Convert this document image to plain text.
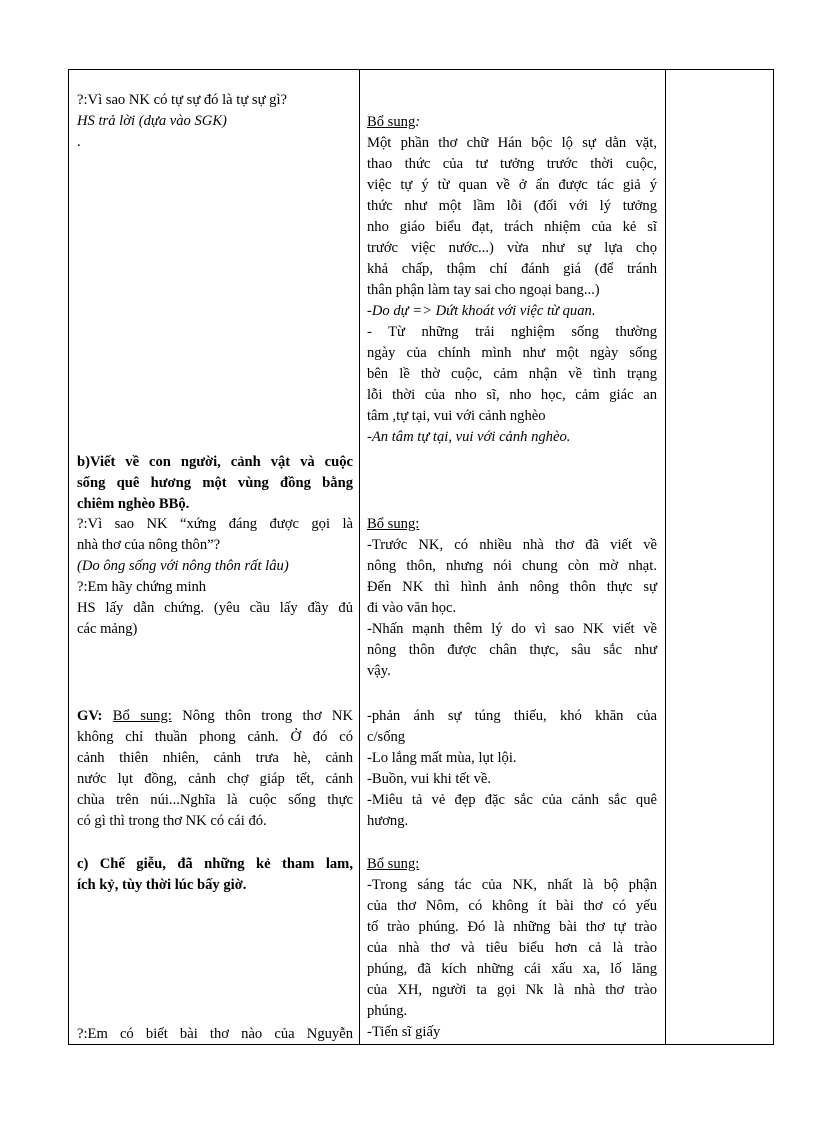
?:Vì sao NK có tự sự đó là tự sự gì?

HS trả lời (dựa vào SGK)

.

b)Viết về con người, cảnh vật và cuộc

sống quê hương một vùng đồng bằng

chiêm nghèo BBộ.

?:Vì sao NK “xứng đáng được gọi là

nhà thơ của nông thôn”?

(Do ông sống với nông thôn rất lâu)

?:Em hãy chứng minh

HS lấy dẫn chứng. (yêu cầu lấy đầy đủ

các mảng)

GV: Bổ sung: Nông thôn trong thơ NK

không chỉ thuần phong cảnh. Ở đó có

cảnh thiên nhiên, cảnh trưa hè, cảnh

nước lụt đồng, cảnh chợ giáp tết, cảnh

chùa trên núi...Nghĩa là cuộc sống thực

có gì thì trong thơ NK có cái đó.

c) Chế giễu, đã những kẻ tham lam,

ích kỷ, tùy thời lúc bấy giờ.

?:Em có biết bài thơ nào của Nguyễn

Bổ sung:

Một phần thơ chữ Hán bộc lộ sự dằn vặt,

thao thức của tư tưởng trước thời cuộc,

việc tự ý từ quan về ở ẩn được tác giả ý

thức như một lầm lỗi (đối với lý tưởng

nho giáo biểu đạt, trách nhiệm của kẻ sĩ

trước việc nước...) vừa như sự lựa chọ

khả chấp, thậm chí đánh giá (để tránh

thân phận làm tay sai cho ngoại bang...)

-Do dự => Dứt khoát với việc từ quan.

- Từ những trải nghiệm sống thường

ngày của chính mình như một ngày sống

bên lề thờ cuộc, cảm nhận về tình trạng

lỗi thời của nho sĩ, nho học, cảm giác an

tâm ,tự tại, vui với cảnh nghèo

-An tâm tự tại, vui với cảnh nghèo.

Bổ sung:

-Trước NK, có nhiều nhà thơ đã viết về

nông thôn, nhưng nói chung còn mờ nhạt.

Đến NK thì hình ảnh nông thôn thực sự

đi vào văn học.

-Nhấn mạnh thêm lý do vì sao NK viết về

nông thôn được chân thực, sâu sắc như

vậy.

-phản ánh sự túng thiếu, khó khăn của

c/sống

-Lo lắng mất mùa, lụt lội.

-Buồn, vui khi tết về.

-Miêu tả vẻ đẹp đặc sắc của cảnh sắc quê

hương.

Bổ sung:

-Trong sáng tác của NK, nhất là bộ phận

của thơ Nôm, có không ít bài thơ có yếu

tố trào phúng. Đó là những bài thơ tự trào

của nhà thơ và tiêu biểu hơn cả là trào

phúng, đã kích những cái xấu xa, lố lăng

của XH, người ta gọi Nk là nhà thơ trào

phúng.

-Tiến sĩ giấy
